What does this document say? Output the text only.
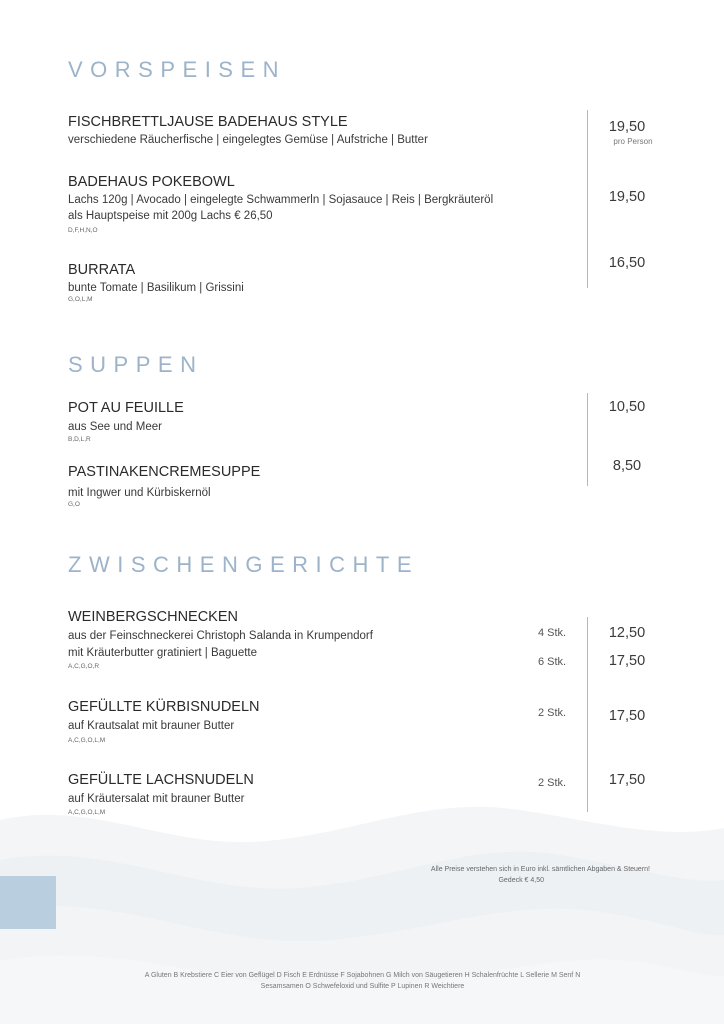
VORSPEISEN
FISCHBRETTLJAUSE BADEHAUS STYLE
verschiedene Räucherfische | eingelegtes Gemüse | Aufstriche | Butter
19,50
pro Person
BADEHAUS POKEBOWL
Lachs 120g | Avocado | eingelegte Schwammerln | Sojasauce | Reis | Bergkräuteröl
als Hauptspeise mit 200g Lachs € 26,50
D,F,H,N,O
19,50
BURRATA
bunte Tomate | Basilikum | Grissini
G,O,L,M
16,50
SUPPEN
POT AU FEUILLE
aus See und Meer
B,D,L,R
10,50
PASTINAKENCREMESUPPE
mit Ingwer und Kürbiskernöl
G,O
8,50
ZWISCHENGERICHTE
WEINBERGSCHNECKEN
aus der Feinschneckerei Christoph Salanda in Krumpendorf
mit Kräuterbutter gratiniert | Baguette
A,C,G,O,R
4 Stk.	12,50
6 Stk.	17,50
GEFÜLLTE KÜRBISNUDELN
auf Krautsalat mit brauner Butter
A,C,G,O,L,M
2 Stk.	17,50
GEFÜLLTE LACHSNUDELN
auf Kräutersalat mit brauner Butter
A,C,G,O,L,M
2 Stk.	17,50
Alle Preise verstehen sich in Euro inkl. sämtlichen Abgaben & Steuern!
Gedeck € 4,50
A Gluten B Krebstiere C Eier von Geflügel D Fisch E Erdnüsse F Sojabohnen G Milch von Säugetieren H Schalenfrüchte L Sellerie M Senf N
Sesamsamen O Schwefeloxid und Sulfite P Lupinen R Weichtiere
